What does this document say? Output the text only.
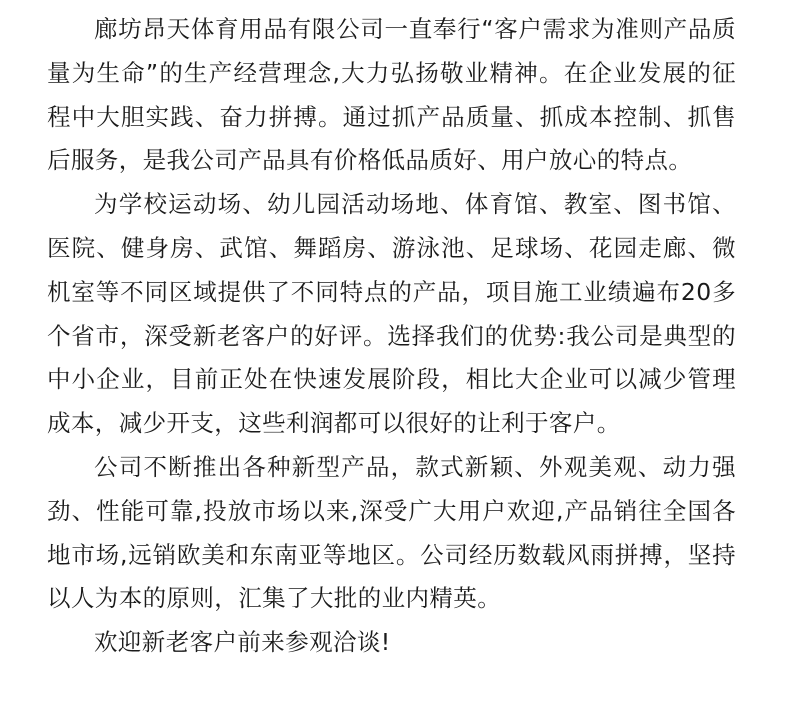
廊坊昂天体育用品有限公司一直奉行“客户需求为准则产品质量为生命”的生产经营理念,大力弘扬敬业精神。在企业发展的征程中大胆实践、奋力拼搏。通过抓产品质量、抓成本控制、抓售后服务，是我公司产品具有价格低品质好、用户放心的特点。

为学校运动场、幼儿园活动场地、体育馆、教室、图书馆、医院、健身房、武馆、舞蹈房、游泳池、足球场、花园走廊、微机室等不同区域提供了不同特点的产品，项目施工业绩遍布20多个省市，深受新老客户的好评。选择我们的优势:我公司是典型的中小企业，目前正处在快速发展阶段，相比大企业可以减少管理成本，减少开支，这些利润都可以很好的让利于客户。

公司不断推出各种新型产品，款式新颖、外观美观、动力强劲、性能可靠,投放市场以来,深受广大用户欢迎,产品销往全国各地市场,远销欧美和东南亚等地区。公司经历数载风雨拼搏，坚持以人为本的原则，汇集了大批的业内精英。

欢迎新老客户前来参观洽谈!
